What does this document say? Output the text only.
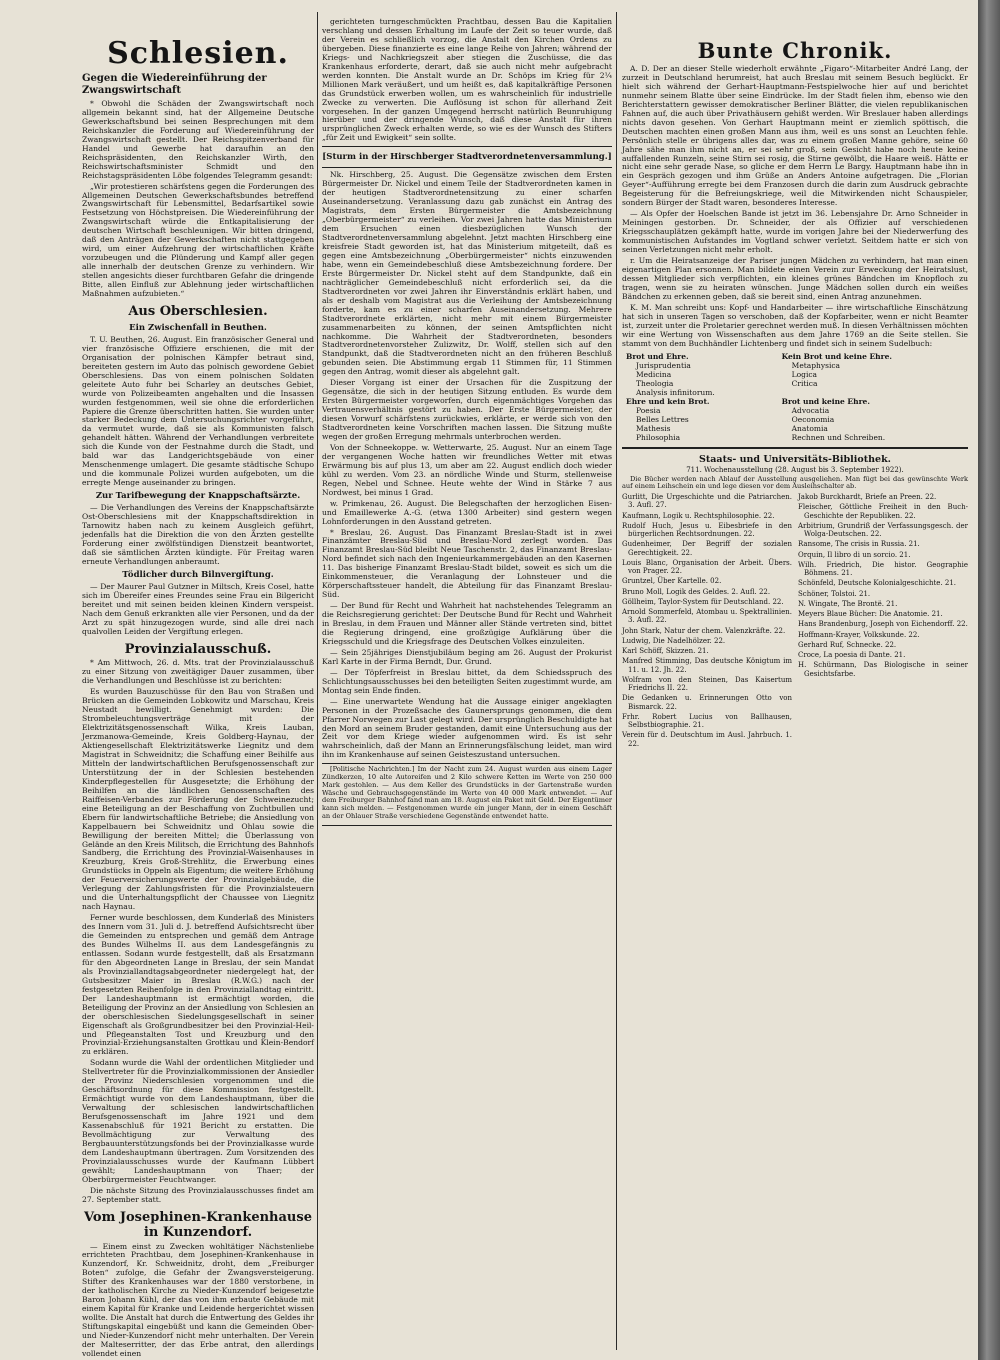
Schlesien.
Gegen die Wiedereinführung der Zwangswirtschaft

* Obwohl die Schäden der Zwangswirtschaft noch allgemein bekannt sind, hat der Allgemeine Deutsche Gewerkschaftsbund bei seinen Besprechungen mit dem Reichskanzler die Forderung auf Wiedereinführung der Zwangswirtschaft gestellt. Der Reichsspitzenverband für Handel und Gewerbe hat daraufhin an den Reichspräsidenten, den Reichskanzler Wirth, den Reichswirtschaftsminister Schmidt und den Reichstagspräsidenten Löbe folgendes Telegramm gesandt:

„Wir protestieren schärfstens gegen die Forderungen des Allgemeinen Deutschen Gewerkschaftsbundes betreffend Zwangswirtschaft für Lebensmittel, Bedarfsartikel sowie Festsetzung von Höchstpreisen. Die Wiedereinführung der Zwangswirtschaft würde die Entkapitalisierung der deutschen Wirtschaft beschleunigen. Wir bitten dringend, daß den Anträgen der Gewerkschaften nicht stattgegeben wird, um einer Aufzehrung der wirtschaftlichen Kräfte vorzubeugen und die Plünderung und Kampf aller gegen alle innerhalb der deutschen Grenze zu verhindern. Wir stellen angesichts dieser furchtbaren Gefahr die dringende Bitte, allen Einfluß zur Ablehnung jeder wirtschaftlichen Maßnahmen aufzubieten.“

Aus Oberschlesien.
Ein Zwischenfall in Beuthen.

T. U. Beuthen, 26. August. Ein französischer General und vier französische Offiziere erschienen, die mit der Organisation der polnischen Kämpfer betraut sind, bereiteten gestern im Auto das polnisch gewordene Gebiet Oberschlesiens. Das von einem polnischen Soldaten geleitete Auto fuhr bei Scharley an deutsches Gebiet, wurde von Polizeibeamten angehalten und die Insassen wurden festgenommen, weil sie ohne die erforderlichen Papiere die Grenze überschritten hatten. Sie wurden unter starker Bedeckung dem Untersuchungsrichter vorgeführt, da vermutet wurde, daß sie als Kommunisten falsch gehandelt hätten. Während der Verhandlungen verbreitete sich die Kunde von der Festnahme durch die Stadt, und bald war das Landgerichtsgebäude von einer Menschenmenge umlagert. Die gesamte städtische Schupo und die kommunale Polizei wurden aufgeboten, um die erregte Menge auseinander zu bringen.

Zur Tarifbewegung der Knappschaftsärzte.

— Die Verhandlungen des Vereins der Knappschaftsärzte Ost-Oberschlesiens mit der Knappschaftsdirektion in Tarnowitz haben nach zu keinem Ausgleich geführt, jedenfalls hat die Direktion die von den Ärzten gestellte Forderung einer zwölfstündigen Dienstzeit beantwortet, daß sie sämtlichen Ärzten kündigte. Für Freitag waren erneute Verhandlungen anberaumt.

Tödlicher durch Bilnvergiftung.

— Der Maurer Paul Gutzner in Miltsch, Kreis Cosel, hatte sich im Übereifer eines Freundes seine Frau ein Bilgericht bereitet und mit seinen beiden kleinen Kindern verspeist. Nach dem Genuß erkrankten alle vier Personen, und da der Arzt zu spät hinzugezogen wurde, sind alle drei nach qualvollen Leiden der Vergiftung erlegen.

Provinzialausschuß.

* Am Mittwoch, 26. d. Mts. trat der Provinzialausschuß zu einer Sitzung von zweitägiger Dauer zusammen, über die Verhandlungen und Beschlüsse ist zu berichten:

Es wurden Bauzuschüsse für den Bau von Straßen und Brücken an die Gemeinden Lobkowitz und Marschau, Kreis Neustadt bewilligt. Genehmigt wurden: Die Strombeleuchtungsverträge mit der Elektrizitätsgenossenschaft Wilka, Kreis Lauban, Jerzmanowa-Gemeinde, Kreis Goldberg-Haynau, der Aktiengesellschaft Elektrizitätswerke Liegnitz und dem Magistrat in Schweidnitz; die Schaffung einer Beihilfe aus Mitteln der landwirtschaftlichen Berufsgenossenschaft zur Unterstützung der in der Schlesien bestehenden Kinderpflegestellen für Ausgesetzte; die Erhöhung der Beihilfen an die ländlichen Genossenschaften des Raiffeisen-Verbandes zur Förderung der Schweinezucht; eine Beteiligung an der Beschaffung von Zuchtbullen und Ebern für landwirtschaftliche Betriebe; die Ansiedlung von Kappelbauern bei Schweidnitz und Ohlau sowie die Bewilligung der bereiten Mittel; die Überlassung von Gelände an den Kreis Militsch, die Errichtung des Bahnhofs Sandberg, die Errichtung des Provinzial-Waisenhauses in Kreuzburg, Kreis Groß-Strehlitz, die Erwerbung eines Grundstücks in Oppeln als Eigentum; die weitere Erhöhung der Feuerversicherungswerte der Provinzialgebäude, die Verlegung der Zahlungsfristen für die Provinzialsteuern und die Unterhaltungspflicht der Chaussee von Liegnitz nach Haynau.

Ferner wurde beschlossen, dem Kunderlaß des Ministers des Innern vom 31. Juli d. J. betreffend Aufsichtsrecht über die Gemeinden zu entsprechen und gemäß dem Antrage des Bundes Wilhelms II. aus dem Landesgefängnis zu entlassen. Sodann wurde festgestellt, daß als Ersatzmann für den Abgeordneten Lange in Breslau, der sein Mandat als Provinziallandtagsabgeordneter niedergelegt hat, der Gutsbesitzer Maier in Breslau (R.W.G.) nach der festgesetzten Reihenfolge in den Provinziallandtag eintritt. Der Landeshauptmann ist ermächtigt worden, die Beteiligung der Provinz an der Ansiedlung von Schlesien an der oberschlesischen Siedelungsgesellschaft in seiner Eigenschaft als Großgrundbesitzer bei den Provinzial-Heil- und Pflegeanstalten Tost und Kreuzburg und den Provinzial-Erziehungsanstalten Grottkau und Klein-Bendorf zu erklären.

Sodann wurde die Wahl der ordentlichen Mitglieder und Stellvertreter für die Provinzialkommissionen der Ansiedler der Provinz Niederschlesien vorgenommen und die Geschäftsordnung für diese Kommission festgestellt. Ermächtigt wurde von dem Landeshauptmann, über die Verwaltung der schlesischen landwirtschaftlichen Berufsgenossenschaft im Jahre 1921 und dem Kassenabschluß für 1921 Bericht zu erstatten. Die Bevollmächtigung zur Verwaltung des Bergbauunterstützungsfonds bei der Provinzialkasse wurde dem Landeshauptmann übertragen. Zum Vorsitzenden des Provinzialausschusses wurde der Kaufmann Lübbert gewählt; Landeshauptmann von Thaer; der Oberbürgermeister Feuchtwanger.

Die nächste Sitzung des Provinzialausschusses findet am 27. September statt.

Vom Josephinen-Krankenhause in Kunzendorf.

— Einem einst zu Zwecken wohltätiger Nächstenliebe errichteten Prachtbau, dem Josephinen-Krankenhause in Kunzendorf, Kr. Schweidnitz, droht, dem „Freiburger Boten“ zufolge, die Gefahr der Zwangsversteigerung. Stifter des Krankenhauses war der 1880 verstorbene, in der katholischen Kirche zu Nieder-Kunzendorf beigesetzte Baron Johann Kühl, der das von ihm erbaute Gebäude mit einem Kapital für Kranke und Leidende hergerichtet wissen wollte. Die Anstalt hat durch die Entwertung des Geldes ihr Stiftungskapital eingebüßt und kann die Gemeinden Ober- und Nieder-Kunzendorf nicht mehr unterhalten. Der Verein der Malteserritter, der das Erbe antrat, den allerdings vollendet einen

gerichteten turngeschmückten Prachtbau, dessen Bau die Kapitalien verschlang und dessen Erhaltung im Laufe der Zeit so teuer wurde, daß der Verein es schließlich vorzog, die Anstalt den Kirchen Ordens zu übergeben. Diese finanzierte es eine lange Reihe von Jahren; während der Kriegs- und Nachkriegszeit aber stiegen die Zuschüsse, die das Krankenhaus erforderte, derart, daß sie auch nicht mehr aufgebracht werden konnten. Die Anstalt wurde an Dr. Schöps im Krieg für 2¼ Millionen Mark veräußert, und um heißt es, daß kapitalkräftige Personen das Grundstück erwerben wollen, um es wahrscheinlich für industrielle Zwecke zu verwerten. Die Auflösung ist schon für allerhand Zeit vorgesehen. In der ganzen Umgegend herrscht natürlich Beunruhigung hierüber und der dringende Wunsch, daß diese Anstalt für ihren ursprünglichen Zweck erhalten werde, so wie es der Wunsch des Stifters „für Zeit und Ewigkeit“ sein sollte.

[Sturm in der Hirschberger Stadtverordnetenversammlung.]

Nk. Hirschberg, 25. August. Die Gegensätze zwischen dem Ersten Bürgermeister Dr. Nickel und einem Teile der Stadtverordneten kamen in der heutigen Stadtverordnetensitzung zu einer scharfen Auseinandersetzung. Veranlassung dazu gab zunächst ein Antrag des Magistrats, dem Ersten Bürgermeister die Amtsbezeichnung „Oberbürgermeister“ zu verleihen. Vor zwei Jahren hatte das Ministerium dem Ersuchen einen diesbezüglichen Wunsch der Stadtverordnetenversammlung abgelehnt. Jetzt machten Hirschberg eine kreisfreie Stadt geworden ist, hat das Ministerium mitgeteilt, daß es gegen eine Amtsbezeichnung „Oberbürgermeister“ nichts einzuwenden habe, wenn ein Gemeindebeschluß diese Amtsbezeichnung fordere. Der Erste Bürgermeister Dr. Nickel steht auf dem Standpunkte, daß ein nachträglicher Gemeindebeschluß nicht erforderlich sei, da die Stadtverordneten vor zwei Jahren ihr Einverständnis erklärt haben, und als er deshalb vom Magistrat aus die Verleihung der Amtsbezeichnung forderte, kam es zu einer scharfen Auseinandersetzung. Mehrere Stadtverordnete erklärten, nicht mehr mit einem Bürgermeister zusammenarbeiten zu können, der seinen Amtspflichten nicht nachkomme. Die Wahrheit der Stadtverordneten, besonders Stadtverordnetenvorsteher Zulizwitz, Dr. Wolff, stellen sich auf den Standpunkt, daß die Stadtverordneten nicht an den früheren Beschluß gebunden seien. Die Abstimmung ergab 11 Stimmen für, 11 Stimmen gegen den Antrag, womit dieser als abgelehnt galt.

Dieser Vorgang ist einer der Ursachen für die Zuspitzung der Gegensätze, die sich in der heutigen Sitzung entluden. Es wurde dem Ersten Bürgermeister vorgeworfen, durch eigenmächtiges Vorgehen das Vertrauensverhältnis gestört zu haben. Der Erste Bürgermeister, der diesen Vorwurf schärfstens zurückwies, erklärte, er werde sich von den Stadtverordneten keine Vorschriften machen lassen. Die Sitzung mußte wegen der großen Erregung mehrmals unterbrochen werden.

Von der Schneekoppe. w. Wetterwarte, 25. August. Nur an einem Tage der vergangenen Woche hatten wir freundliches Wetter mit etwas Erwärmung bis auf plus 13, um aber am 22. August endlich doch wieder kühl zu werden. Vom 23. an nördliche Winde und Sturm, stellenweise Regen, Nebel und Schnee. Heute wehte der Wind in Stärke 7 aus Nordwest, bei minus 1 Grad.

w. Primkenau, 26. August. Die Belegschaften der herzoglichen Eisen- und Emaillewerke A.-G. (etwa 1300 Arbeiter) sind gestern wegen Lohnforderungen in den Ausstand getreten.

* Breslau, 26. August. Das Finanzamt Breslau-Stadt ist in zwei Finanzämter Breslau-Süd und Breslau-Nord zerlegt worden. Das Finanzamt Breslau-Süd bleibt Neue Taschenstr. 2, das Finanzamt Breslau-Nord befindet sich nach den Ingenieurkammergebäuden an den Kasernen 11. Das bisherige Finanzamt Breslau-Stadt bildet, soweit es sich um die Einkommensteuer, die Veranlagung der Lohnsteuer und die Körperschaftssteuer handelt, die Abteilung für das Finanzamt Breslau-Süd.

— Der Bund für Recht und Wahrheit hat nachstehendes Telegramm an die Reichsregierung gerichtet: Der Deutsche Bund für Recht und Wahrheit in Breslau, in dem Frauen und Männer aller Stände vertreten sind, bittet die Regierung dringend, eine großzügige Aufklärung über die Kriegsschuld und die Kriegsfrage des Deutschen Volkes einzuleiten.

— Sein 25jähriges Dienstjubiläum beging am 26. August der Prokurist Karl Karte in der Firma Berndt, Dur. Grund.

— Der Töpferfreist in Breslau bittet, da dem Schiedsspruch des Schlichtungsausschusses bei den beteiligten Seiten zugestimmt wurde, am Montag sein Ende finden.

— Eine unerwartete Wendung hat die Aussage einiger angeklagten Personen in der Prozeßsache des Gaunersprungs genommen, die dem Pfarrer Norwegen zur Last gelegt wird. Der ursprünglich Beschuldigte hat den Mord an seinem Bruder gestanden, damit eine Untersuchung aus der Zeit vor dem Kriege wieder aufgenommen wird. Es ist sehr wahrscheinlich, daß der Mann an Erinnerungsfälschung leidet, man wird ihn im Krankenhause auf seinen Geisteszustand untersuchen.

[Politische Nachrichten.] Im der Nacht zum 24. August wurden aus einem Lager Zündkerzen, 10 alte Autoreifen und 2 Kilo schwere Ketten im Werte von 250 000 Mark gestohlen. — Aus dem Keller des Grundstücks in der Gartenstraße wurden Wäsche und Gebrauchsgegenstände im Werte von 40 000 Mark entwendet. — Auf dem Freiburger Bahnhof fand man am 18. August ein Paket mit Geld. Der Eigentümer kann sich melden. — Festgenommen wurde ein junger Mann, der in einem Geschäft an der Ohlauer Straße verschiedene Gegenstände entwendet hatte.

Bunte Chronik.

A. D. Der an dieser Stelle wiederholt erwähnte „Figaro“-Mitarbeiter André Lang, der zurzeit in Deutschland herumreist, hat auch Breslau mit seinem Besuch beglückt. Er hielt sich während der Gerhart-Hauptmann-Festspielwoche hier auf und berichtet nunmehr seinem Blatte über seine Eindrücke. Im der Stadt fielen ihm, ebenso wie den Berichterstattern gewisser demokratischer Berliner Blätter, die vielen republikanischen Fahnen auf, die auch über Privathäusern gehißt werden. Wir Breslauer haben allerdings nichts davon gesehen. Von Gerhart Hauptmann meint er ziemlich spöttisch, die Deutschen machten einen großen Mann aus ihm, weil es uns sonst an Leuchten fehle. Persönlich stelle er übrigens alles dar, was zu einem großen Manne gehöre, seine 60 Jahre sähe man ihm nicht an, er sei sehr groß, sein Gesicht habe noch heute keine auffallenden Runzeln, seine Stirn sei rosig, die Stirne gewölbt, die Haare weiß. Hätte er nicht eine sehr gerade Nase, so gliche er dem Herrn Le Bargy. Hauptmann habe ihn in ein Gespräch gezogen und ihm Grüße an Anders Antoine aufgetragen. Die „Florian Geyer“-Aufführung erregte bei dem Franzosen durch die darin zum Ausdruck gebrachte Begeisterung für die Befreiungskriege, weil die Mitwirkenden nicht Schauspieler, sondern Bürger der Stadt waren, besonderes Interesse.

— Als Opfer der Hoelschen Bande ist jetzt im 36. Lebensjahre Dr. Arno Schneider in Meiningen gestorben. Dr. Schneider, der als Offizier auf verschiedenen Kriegsschauplätzen gekämpft hatte, wurde im vorigen Jahre bei der Niederwerfung des kommunistischen Aufstandes im Vogtland schwer verletzt. Seitdem hatte er sich von seinen Verletzungen nicht mehr erholt.

r. Um die Heiratsanzeige der Pariser jungen Mädchen zu verhindern, hat man einen eigenartigen Plan ersonnen. Man bildete einen Verein zur Erweckung der Heiratslust, dessen Mitglieder sich verpflichten, ein kleines grünes Bändchen im Knopfloch zu tragen, wenn sie zu heiraten wünschen. Junge Mädchen sollen durch ein weißes Bändchen zu erkennen geben, daß sie bereit sind, einen Antrag anzunehmen.

K. M. Man schreibt uns: Kopf- und Handarbeiter — ihre wirtschaftliche Einschätzung hat sich in unseren Tagen so verschoben, daß der Kopfarbeiter, wenn er nicht Beamter ist, zurzeit unter die Proletarier gerechnet werden muß. In diesen Verhältnissen möchten wir eine Wertung von Wissenschaften aus dem Jahre 1769 an die Seite stellen. Sie stammt von dem Buchhändler Lichtenberg und findet sich in seinem Sudelbuch:

Brot und Ehre.	Kein Brot und keine Ehre.
Jurisprudentia	Metaphysica
Medicina	Logica
Theologia	Critica
Analysis infinitorum.	
Ehre und kein Brot.	Brot und keine Ehre.
Poesia	Advocatia
Belles Lettres	Oeconomia
Mathesis	Anatomia
Philosophia	Rechnen und Schreiben.
Staats- und Universitäts-Bibliothek.
711. Wochenausstellung (28. August bis 3. September 1922).

Die Bücher werden nach Ablauf der Ausstellung ausgeliehen. Man fügt bei das gewünschte Werk auf einem Leihschein ein und lege diesen vor dem Ausleihschalter ab.

Gurlitt, Die Urgeschichte und die Patriarchen. 3. Aufl. 27.

Kaufmann, Logik u. Rechtsphilosophie. 22.

Rudolf Huch, Jesus u. Eibesbriefe in den bürgerlichen Rechtsordnungen. 22.

Gudenheimer, Der Begriff der sozialen Gerechtigkeit. 22.

Louis Blanc, Organisation der Arbeit. Übers. von Prager. 22.

Gruntzel, Über Kartelle. 02.

Bruno Moll, Logik des Geldes. 2. Aufl. 22.

Göllheim, Taylor-System für Deutschland. 22.

Arnold Sommerfeld, Atombau u. Spektrallinien. 3. Aufl. 22.

John Stark, Natur der chem. Valenzkräfte. 22.

Ludwig, Die Nadelhölzer. 22.

Karl Schöff, Skizzen. 21.

Manfred Stimming, Das deutsche Königtum im 11. u. 12. Jh. 22.

Wolfram von den Steinen, Das Kaisertum Friedrichs II. 22.

Die Gedanken u. Erinnerungen Otto von Bismarck. 22.

Frhr. Robert Lucius von Ballhausen, Selbstbiographie. 21.

Verein für d. Deutschtum im Ausl. Jahrbuch. 1. 22.

Jakob Burckhardt, Briefe an Preen. 22.

Fleischer, Göttliche Freiheit in den Buch-Geschichte der Republiken. 22.

Arbitrium, Grundriß der Verfassungsgesch. der Wolga-Deutschen. 22.

Ransome, The crisis in Russia. 21.

Orquin, Il libro di un sorcio. 21.

Wilh. Friedrich, Die histor. Geographie Böhmens. 21.

Schönfeld, Deutsche Kolonialgeschichte. 21.

Schöner, Tolstoi. 21.

N. Wingate, The Brontë. 21.

Meyers Blaue Bücher: Die Anatomie. 21.

Hans Brandenburg, Joseph von Eichendorff. 22.

Hoffmann-Krayer, Volkskunde. 22.

Gerhard Ruf, Schnecke. 22.

Croce, La poesia di Dante. 21.

H. Schürmann, Das Biologische in seiner Gesichtsfarbe.
